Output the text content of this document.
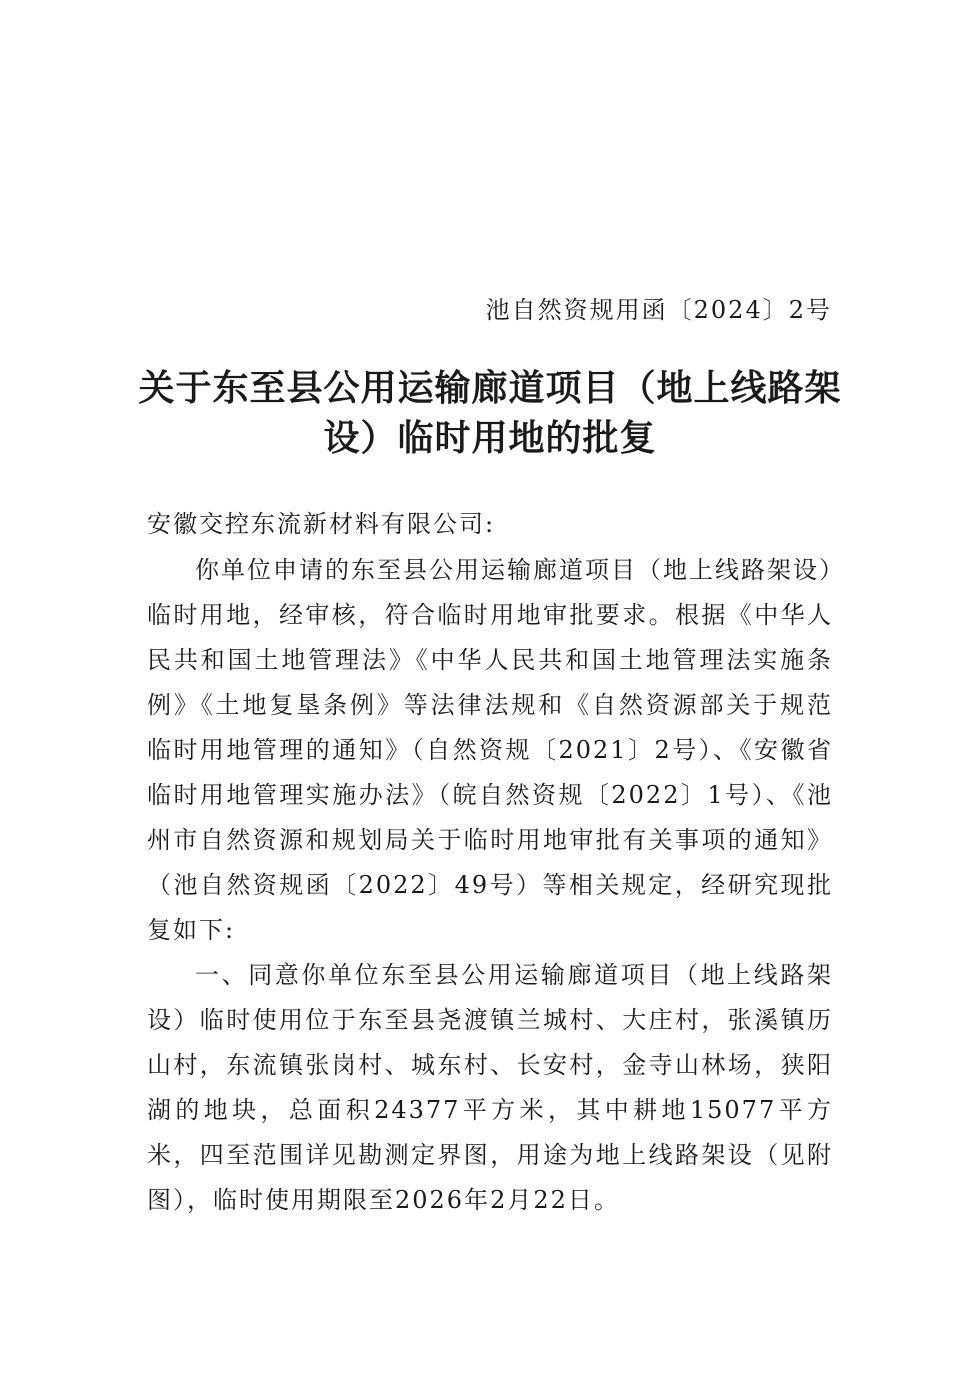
池自然资规用函〔2024〕2号
关于东至县公用运输廊道项目（地上线路架
设）临时用地的批复
安徽交控东流新材料有限公司:

你单位申请的东至县公用运输廊道项目（地上线路架设）临时用地，经审核，符合临时用地审批要求。根据《中华人民共和国土地管理法》《中华人民共和国土地管理法实施条例》《土地复垦条例》等法律法规和《自然资源部关于规范临时用地管理的通知》（自然资规〔2021〕2号）、《安徽省临时用地管理实施办法》（皖自然资规〔2022〕1号）、《池州市自然资源和规划局关于临时用地审批有关事项的通知》（池自然资规函〔2022〕49号）等相关规定，经研究现批复如下:

一、同意你单位东至县公用运输廊道项目（地上线路架设）临时使用位于东至县尧渡镇兰城村、大庄村，张溪镇历山村，东流镇张岗村、城东村、长安村，金寺山林场，狭阳湖的地块，总面积24377平方米，其中耕地15077平方米，四至范围详见勘测定界图，用途为地上线路架设（见附图），临时使用期限至2026年2月22日。
